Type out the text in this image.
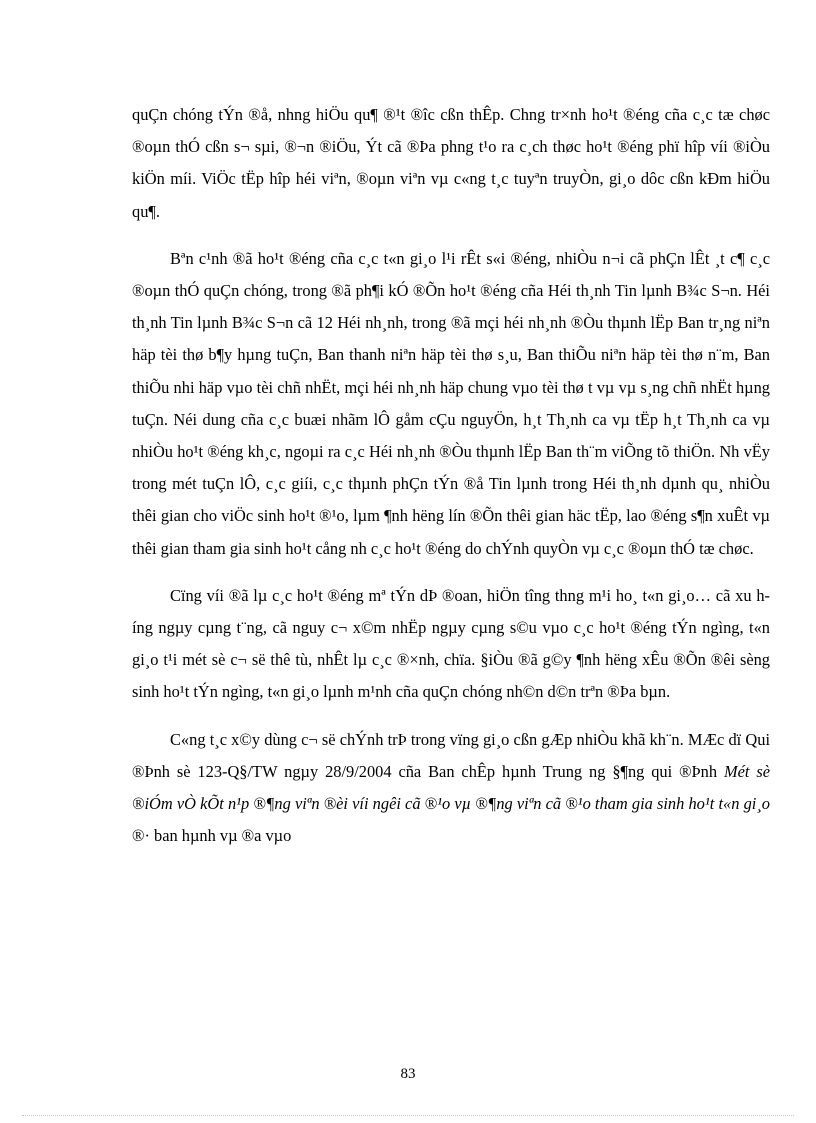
quÇn chóng tÝn ®å, nhng hiÖu qu¶ ®¹t ®îc cßn thÊp. Chng tr×nh ho¹t ®éng cña c¸c tæ chøc ®oµn thÓ cßn s¬ sµi, ®¬n ®iÖu, Ýt cã ®Þa phng t¹o ra c¸ch thøc ho¹t ®éng phï hîp víi ®iÒu kiÖn míi. ViÖc tËp hîp héi viªn, ®oµn viªn vµ c«ng t¸c tuyªn truyÒn, gi¸o dôc cßn kÐm hiÖu qu¶.

Bªn c¹nh ®ã ho¹t ®éng cña c¸c t«n gi¸o l¹i rÊt s«i ®éng, nhiÒu n¬i cã phÇn lÊt ¸t c¶ c¸c ®oµn thÓ quÇn chóng, trong ®ã ph¶i kÓ ®Õn ho¹t ®éng cña Héi th¸nh Tin lµnh B¾c S¬n. Héi th¸nh Tin lµnh B¾c S¬n cã 12 Héi nh¸nh, trong ®ã mçi héi nh¸nh ®Òu thµnh lËp Ban tr¸ng niªn häp tèi thø b¶y hµng tuÇn, Ban thanh niªn häp tèi thø s¸u, Ban thiÕu niªn häp tèi thø n¨m, Ban thiÕu nhi häp vµo tèi chñ nhËt, mçi héi nh¸nh häp chung vµo tèi thø t vµ vµ s¸ng chñ nhËt hµng tuÇn. Néi dung cña c¸c buæi nhãm lÔ gåm cÇu nguyÖn, h¸t Th¸nh ca vµ tËp h¸t Th¸nh ca vµ nhiÒu ho¹t ®éng kh¸c, ngoµi ra c¸c Héi nh¸nh ®Òu thµnh lËp Ban th¨m viÕng tõ thiÖn. Nh vËy trong mét tuÇn lÔ, c¸c giíi, c¸c thµnh phÇn tÝn ®å Tin lµnh trong Héi th¸nh dµnh qu¸ nhiÒu thêi gian cho viÖc sinh ho¹t ®¹o, lµm ¶nh hëng lín ®Õn thêi gian häc tËp, lao ®éng s¶n xuÊt vµ thêi gian tham gia sinh ho¹t cång nh c¸c ho¹t ®éng do chÝnh quyÒn vµ c¸c ®oµn thÓ tæ chøc.

Cïng víi ®ã lµ c¸c ho¹t ®éng mª tÝn dÞ ®oan, hiÖn tîng thng m¹i ho¸ t«n gi¸o… cã xu híng ngµy cµng t¨ng, cã nguy c¬ x©m nhËp ngµy cµng s©u vµo c¸c ho¹t ®éng tÝn ngìng, t«n gi¸o t¹i mét sè c¬ së thê tù, nhÊt lµ c¸c ®×nh, chïa. §iÒu ®ã g©y ¶nh hëng xÊu ®Õn ®êi sèng sinh ho¹t tÝn ngìng, t«n gi¸o lµnh m¹nh cña quÇn chóng nh©n d©n trªn ®Þa bµn.

C«ng t¸c x©y dùng c¬ së chÝnh trÞ trong vïng gi¸o cßn gÆp nhiÒu khã kh¨n. MÆc dï Qui ®Þnh sè 123-Q§/TW ngµy 28/9/2004 cña Ban chÊp hµnh Trung ng §¶ng qui ®Þnh Mét sè ®iÓm vÒ kÕt n¹p ®¶ng viªn ®èi víi ngêi cã ®¹o vµ ®¶ng viªn cã ®¹o tham gia sinh ho¹t t«n gi¸o ®· ban hµnh vµ ®a vµo

83
